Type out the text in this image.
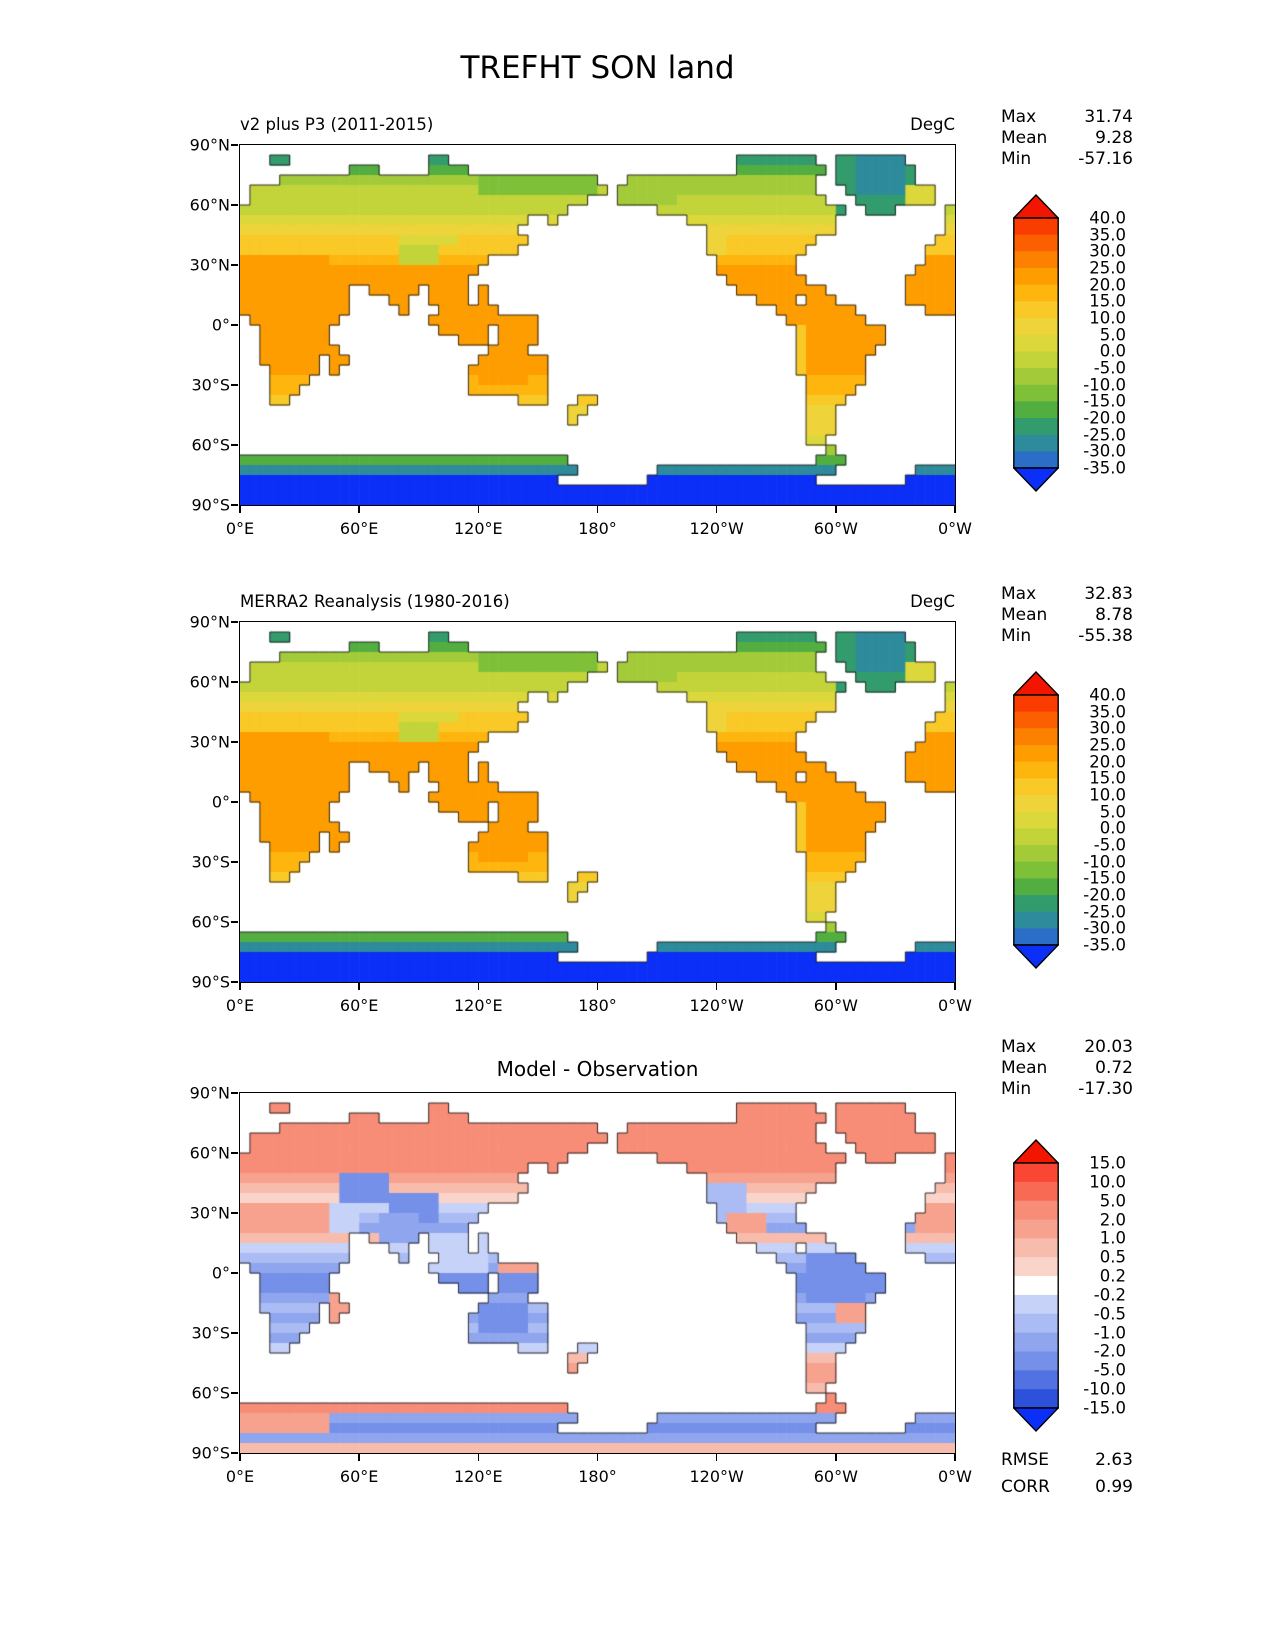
TREFHT SON land
v2 plus P3 (2011-2015)	DegC
90°N
60°N
30°N
0°
30°S
60°S
90°S
0°E	60°E	120°E	180°	120°W	60°W	0°W
Max	31.74
Mean	9.28
Min	-57.16
40.0
35.0
30.0
25.0
20.0
15.0
10.0
5.0
0.0
-5.0
-10.0
-15.0
-20.0
-25.0
-30.0
-35.0
MERRA2 Reanalysis (1980-2016)	DegC
90°N
60°N
30°N
0°
30°S
60°S
90°S
0°E	60°E	120°E	180°	120°W	60°W	0°W
Max	32.83
Mean	8.78
Min	-55.38
40.0
35.0
30.0
25.0
20.0
15.0
10.0
5.0
0.0
-5.0
-10.0
-15.0
-20.0
-25.0
-30.0
-35.0
Model - Observation
90°N
60°N
30°N
0°
30°S
60°S
90°S
0°E	60°E	120°E	180°	120°W	60°W	0°W
Max	20.03
Mean	0.72
Min	-17.30
15.0
10.0
5.0
2.0
1.0
0.5
0.2
-0.2
-0.5
-1.0
-2.0
-5.0
-10.0
-15.0
RMSE	2.63
CORR	0.99
